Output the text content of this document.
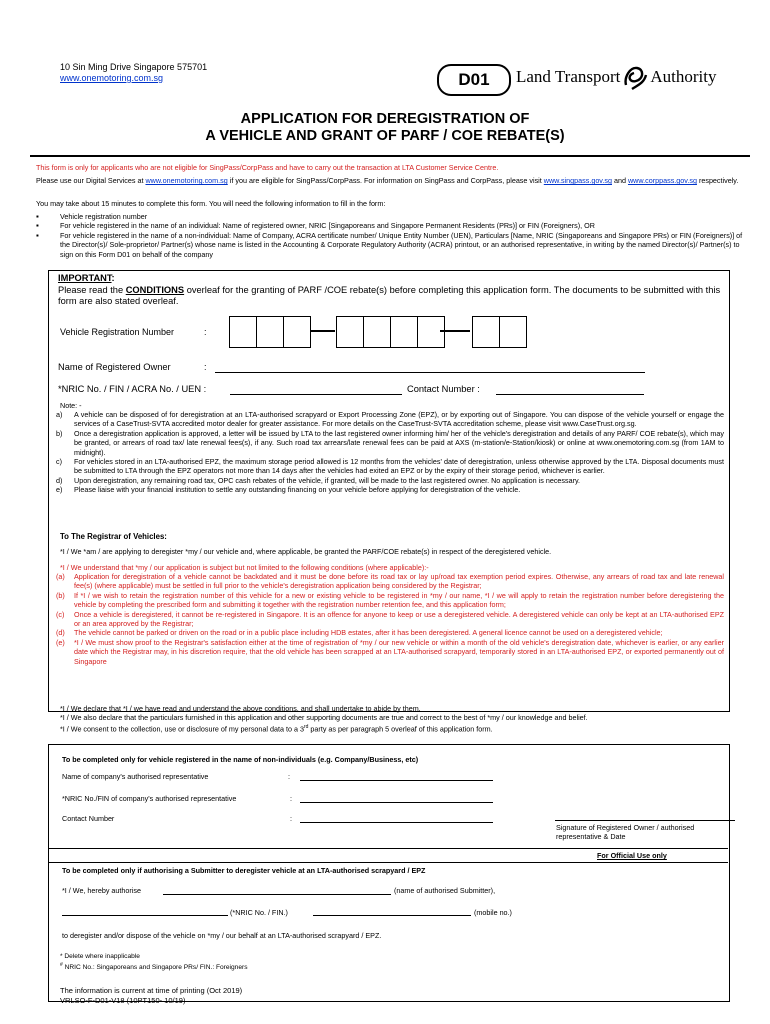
10 Sin Ming Drive Singapore 575701
www.onemotoring.com.sg	D01	Land Transport Authority
APPLICATION FOR DEREGISTRATION OF
A VEHICLE AND GRANT OF PARF / COE REBATE(S)
This form is only for applicants who are not eligible for SingPass/CorpPass and have to carry out the transaction at LTA Customer Service Centre.
Please use our Digital Services at www.onemotoring.com.sg if you are eligible for SingPass/CorpPass. For information on SingPass and CorpPass, please visit www.singpass.gov.sg and www.corppass.gov.sg respectively.
You may take about 15 minutes to complete this form. You will need the following information to fill in the form:
▪ Vehicle registration number
▪ For vehicle registered in the name of an individual: Name of registered owner, NRIC [Singaporeans and Singapore Permanent Residents (PRs)] or FIN (Foreigners), OR
▪ For vehicle registered in the name of a non-individual: Name of Company, ACRA certificate number/ Unique Entity Number (UEN), Particulars [Name, NRIC (Singaporeans and Singapore PRs) or FIN (Foreigners)] of the Director(s)/ Sole-proprietor/ Partner(s) whose name is listed in the Accounting & Corporate Regulatory Authority (ACRA) printout, or an authorised representative, in writing by the named Director(s)/ Partner(s) to sign on this Form D01 on behalf of the company
IMPORTANT:
Please read the CONDITIONS overleaf for the granting of PARF /COE rebate(s) before completing this application form. The documents to be submitted with this form are also stated overleaf.
Vehicle Registration Number	:
Name of Registered Owner	:
*NRIC No. / FIN / ACRA No. / UEN :	Contact Number :
Note: -
a) A vehicle can be disposed of for deregistration at an LTA-authorised scrapyard or Export Processing Zone (EPZ), or by exporting out of Singapore. You can dispose of the vehicle yourself or engage the services of a CaseTrust-SVTA accredited motor dealer for greater assistance. For more details on the CaseTrust-SVTA accreditation scheme, please visit www.CaseTrust.org.sg.
b) Once a deregistration application is approved, a letter will be issued by LTA to the last registered owner informing him/ her of the vehicle's deregistration and details of any PARF/ COE rebate(s), which may be granted, or arrears of road tax/ late renewal fees(s), if any. Such road tax arrears/late renewal fees can be paid at AXS (m-station/e-Station/kiosk) or online at www.onemotoring.com.sg (from 1AM to midnight).
c) For vehicles stored in an LTA-authorised EPZ, the maximum storage period allowed is 12 months from the vehicles' date of deregistration, unless otherwise approved by the LTA. Disposal documents must be submitted to LTA through the EPZ operators not more than 14 days after the vehicles had exited an EPZ or by the expiry of their storage period, whichever is earlier.
d) Upon deregistration, any remaining road tax, OPC cash rebates of the vehicle, if granted, will be made to the last registered owner. No application is necessary.
e) Please liaise with your financial institution to settle any outstanding financing on your vehicle before applying for deregistration of the vehicle.
To The Registrar of Vehicles:
*I / We *am / are applying to deregister *my / our vehicle and, where applicable, be granted the PARF/COE rebate(s) in respect of the deregistered vehicle.
*I / We understand that *my / our application is subject but not limited to the following conditions (where applicable):-
(a) Application for deregistration of a vehicle cannot be backdated and it must be done before its road tax or lay up/road tax exemption period expires. Otherwise, any arrears of road tax and late renewal fee(s) (where applicable) must be settled in full prior to the vehicle's deregistration application being considered by the Registrar;
(b) If *I / we wish to retain the registration number of this vehicle for a new or existing vehicle to be registered in *my / our name, *I / we will apply to retain the registration number before deregistering the vehicle by completing the prescribed form and submitting it together with the registration number retention fee, and this application form;
(c) Once a vehicle is deregistered, it cannot be re-registered in Singapore. It is an offence for anyone to keep or use a deregistered vehicle. A deregistered vehicle can only be kept at an LTA-authorised EPZ or an area approved by the Registrar;
(d) The vehicle cannot be parked or driven on the road or in a public place including HDB estates, after it has been deregistered. A general licence cannot be used on a deregistered vehicle;
(e) *I / We must show proof to the Registrar's satisfaction either at the time of registration of *my / our new vehicle or within a month of the old vehicle's deregistration date, whichever is earlier, or any earlier date which the Registrar may, in his discretion require, that the old vehicle has been scrapped at an LTA-authorised scrapyard, temporarily stored in an LTA-authorised EPZ, or exported permanently out of Singapore
*I / We declare that *I / we have read and understand the above conditions, and shall undertake to abide by them.
*I / We also declare that the particulars furnished in this application and other supporting documents are true and correct to the best of *my / our knowledge and belief.
*I / We consent to the collection, use or disclosure of my personal data to a 3rd party as per paragraph 5 overleaf of this application form.
To be completed only for vehicle registered in the name of non-individuals (e.g. Company/Business, etc)
Name of company's authorised representative	:
*NRIC No./FIN of company's authorised representative	:
Contact Number	:
Signature of Registered Owner / authorised representative & Date
For Official Use only
To be completed only if authorising a Submitter to deregister vehicle at an LTA-authorised scrapyard / EPZ
*I / We, hereby authorise	(name of authorised Submitter),
(*NRIC No. / FIN.)	(mobile no.)
to deregister and/or dispose of the vehicle on *my / our behalf at an LTA-authorised scrapyard / EPZ.
* Delete where inapplicable
# NRIC No.: Singaporeans and Singapore PRs/ FIN.: Foreigners
The information is current at time of printing (Oct 2019)
VRLSO-F-D01-V18 (10PT150- 10/19)
